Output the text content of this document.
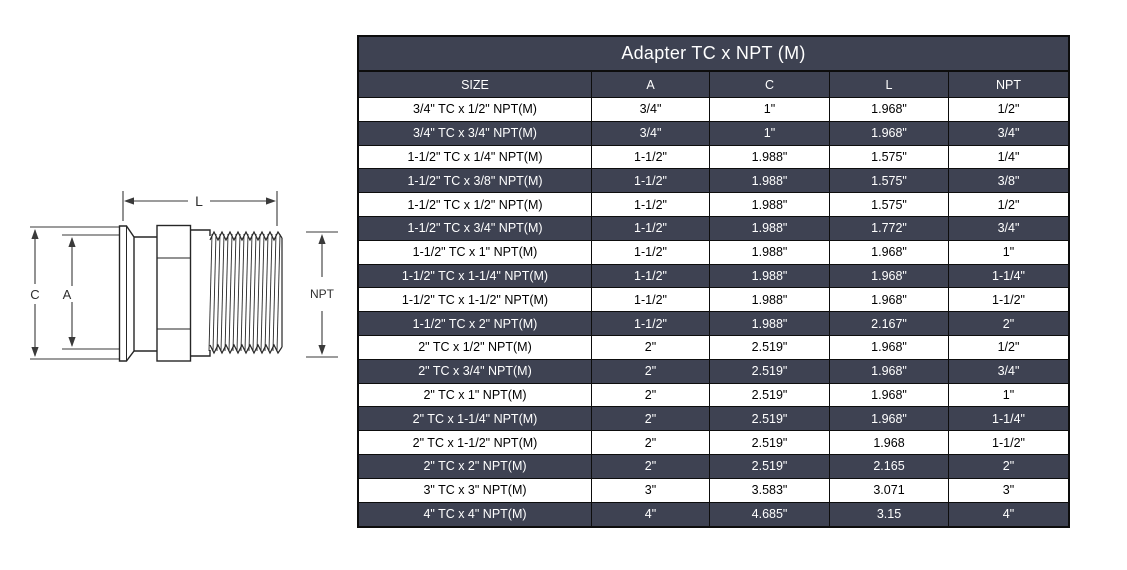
L
C A	NPT
Adapter TC x NPT (M)
SIZE	A	C	L	NPT
3/4" TC x 1/2" NPT(M)	3/4"	1"	1.968"	1/2"
3/4" TC x 3/4" NPT(M)	3/4"	1"	1.968"	3/4"
1-1/2" TC x 1/4" NPT(M)	1-1/2"	1.988"	1.575"	1/4"
1-1/2" TC x 3/8" NPT(M)	1-1/2"	1.988"	1.575"	3/8"
1-1/2" TC x 1/2" NPT(M)	1-1/2"	1.988"	1.575"	1/2"
1-1/2" TC x 3/4" NPT(M)	1-1/2"	1.988"	1.772"	3/4"
1-1/2" TC x 1" NPT(M)	1-1/2"	1.988"	1.968"	1"
1-1/2" TC x 1-1/4" NPT(M)	1-1/2"	1.988"	1.968"	1-1/4"
1-1/2" TC x 1-1/2" NPT(M)	1-1/2"	1.988"	1.968"	1-1/2"
1-1/2" TC x 2" NPT(M)	1-1/2"	1.988"	2.167"	2"
2" TC x 1/2" NPT(M)	2"	2.519"	1.968"	1/2"
2" TC x 3/4" NPT(M)	2"	2.519"	1.968"	3/4"
2" TC x 1" NPT(M)	2"	2.519"	1.968"	1"
2" TC x 1-1/4" NPT(M)	2"	2.519"	1.968"	1-1/4"
2" TC x 1-1/2" NPT(M)	2"	2.519"	1.968	1-1/2"
2" TC x 2" NPT(M)	2"	2.519"	2.165	2"
3" TC x 3" NPT(M)	3"	3.583"	3.071	3"
4" TC x 4" NPT(M)	4"	4.685"	3.15	4"
